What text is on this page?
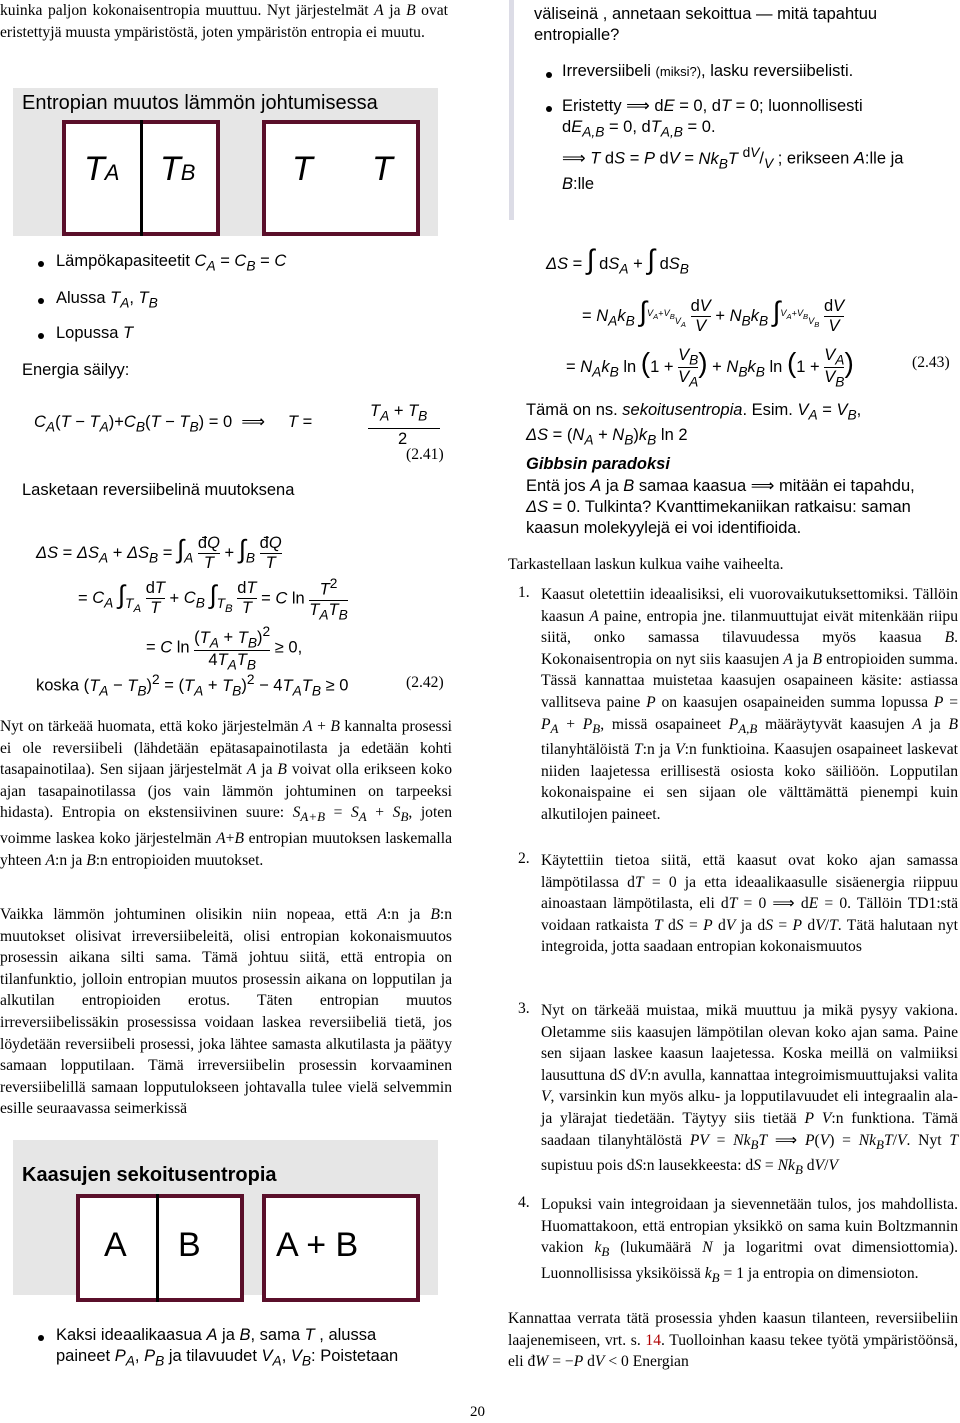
kuinka paljon kokonaisentropia muuttuu. Nyt järjestelmät A ja B ovat eristettyjä muusta ympäristöstä, joten ympäristön entropia ei muutu.
Entropian muutos lämmön johtumisessa
TA TB	T T
Lämpökapasiteetit $C_A = C_B = C$
Alussa $T_A$, $T_B$
Lopussa T
Energia säilyy:
$C_A(T - T_A)+C_B(T - T_B) = 0$  ⟹     T =
$T_A + T_B$
2
(2.41)
Lasketaan reversiibelinä muutoksena
$\Delta S = \Delta S_A + \Delta S_B = \int_A \frac{đQ}{T} + \int_B \frac{đQ}{T}$
= $C_A$ $\int_{T_A} \frac{dT}{T} + C_B$ $\int_{T_B} \frac{dT}{T} = C$ $\ln T^2$
$T_AT_B$
= C ln
$(T_A + T_B)^2$
$4T_AT_B$
≥ 0,
koska $(T_A - T_B)^2 = (T_A + T_B)^2 - 4T_AT_B \ge 0$	(2.42)
Nyt on tärkeää huomata, että koko järjestelmän A + B kannalta prosessi ei ole reversiibeli (lähdetään epätasapainotilasta ja edetään kohti tasapainotilaa). Sen sijaan järjestelmät A ja B voivat olla erikseen koko ajan tasapainotilassa (jos vain lämmön johtuminen on tarpeeksi hidasta). Entropia on ekstensiivinen suure: $S_{A+B} = S_A + S_B$, joten voimme laskea koko järjestelmän A+B entropian muutoksen laskemalla yhteen A:n ja B:n entropioiden muutokset.
Vaikka lämmön johtuminen olisikin niin nopeaa, että A:n ja B:n muutokset olisivat irreversiibeleitä, olisi entropian kokonaismuutos prosessin aikana silti sama. Tämä johtuu siitä, että entropia on tilanfunktio, jolloin entropian muutos prosessin aikana on lopputilan ja alkutilan entropioiden erotus. Täten entropian muutos irreversiibelissäkin prosessissa voidaan laskea reversiibeliä tietä, jos löydetään reversiibeli prosessi, joka lähtee samasta alkutilasta ja päätyy samaan lopputilaan. Tämä irreversiibelin prosessin korvaaminen reversiibelillä samaan lopputulokseen johtavalla tulee vielä selvemmin esille seuraavassa seimerkissä
Kaasujen sekoitusentropia
A B A + B
Kaksi ideaalikaasua A ja B, sama T , alussa
paineet $P_A$, $P_B$ ja tilavuudet $V_A$, $V_B$: Poistetaan
väliseinä , annetaan sekoittua — mitä tapahtuu entropialle?
Irreversiibeli (miksi?), lasku reversiibelisti.
Eristetty ⟹ dE = 0, dT = 0; luonnollisesti
$dE_{A,B} = 0$, $dT_{A,B} = 0$.
⟹ T dS = P dV = $Nk_BT$ $^{dV}/_V$ ; erikseen A:lle ja
B:lle
ΔS = ∫ $dS_A$ + ∫ $dS_B$
= $N_Ak_B$ $\int^{V_A+V_B}_{V_A} \frac{dV}{V} + N_Bk_B$ $\int^{V_A+V_B}_{V_B} \frac{dV}{V}$
= $N_Ak_B$ $\ln (1 + \frac{V_B}{V_A}$ ) + $N_Bk_B$ $\ln (1 + \frac{V_A}{V_B}$ )	(2.43)
Tämä on ns. sekoitusentropia. Esim. $V_A = V_B$,
$\Delta S = (N_A + N_B)k_B$ ln 2
Gibbsin paradoksi
Entä jos A ja B samaa kaasua ⟹ mitään ei tapahdu,
ΔS = 0. Tulkinta? Kvanttimekaniikan ratkaisu: saman
kaasun molekyylejä ei voi identifioida.
Tarkastellaan laskun kulkua vaihe vaiheelta.
1. Kaasut oletettiin ideaalisiksi, eli vuorovaikutuksettomiksi. Tällöin kaasun A paine, entropia jne. tilanmuuttujat eivät mitenkään riipu siitä, onko samassa tilavuudessa myös kaasua B. Kokonaisentropia on nyt siis kaasujen A ja B entropioiden summa. Tässä kannattaa muistetaa kaasujen osapaineen käsite: astiassa vallitseva paine P on kaasujen osapaineiden summa lopussa $P = P_A + P_B$, missä osapaineet $P_{A,B}$ määräytyvät kaasujen A ja B tilanyhtälöistä T:n ja V:n funktioina. Kaasujen osapaineet laskevat niiden laajetessa erillisestä osiosta koko säiliöön. Lopputilan kokonaispaine ei sen sijaan ole välttämättä pienempi kuin alkutilojen paineet.
2. Käytettiin tietoa siitä, että kaasut ovat koko ajan samassa lämpötilassa dT = 0 ja etta ideaalikaasulle sisäenergia riippuu ainoastaan lämpötilasta, eli dT = 0 ⟹ dE = 0. Tällöin TD1:stä voidaan ratkaista T dS = P dV ja dS = P dV/T. Tätä halutaan nyt integroida, jotta saadaan entropian kokonaismuutos
3. Nyt on tärkeää muistaa, mikä muuttuu ja mikä pysyy vakiona. Oletamme siis kaasujen lämpötilan olevan koko ajan sama. Paine sen sijaan laskee kaasun laajetessa. Koska meillä on valmiiksi lausuttuna dS dV:n avulla, kannattaa integroimismuuttujaksi valita V, varsinkin kun myös alku- ja lopputilavuudet eli integraalin ala- ja ylärajat tiedetään. Täytyy siis tietää P V:n funktiona. Tämä saadaan tilanyhtälöstä PV = $Nk_BT$ ⟹ $P(V) = Nk_BT/V$. Nyt T supistuu pois dS:n lausekkeesta: dS = $Nk_B$ dV/V
4. Lopuksi vain integroidaan ja sievennetään tulos, jos mahdollista. Huomattakoon, että entropian yksikkö on sama kuin Boltzmannin vakion $k_B$ (lukumäärä N ja logaritmi ovat dimensiottomia). Luonnollisissa yksiköissä $k_B = 1$ ja entropia on dimensioton.
Kannattaa verrata tätä prosessia yhden kaasun tilanteen, reversiibeliin laajenemiseen, vrt. s. 14. Tuolloinhan kaasu tekee työtä ympäristöönsä, eli đW = −P dV < 0 Energian
20
